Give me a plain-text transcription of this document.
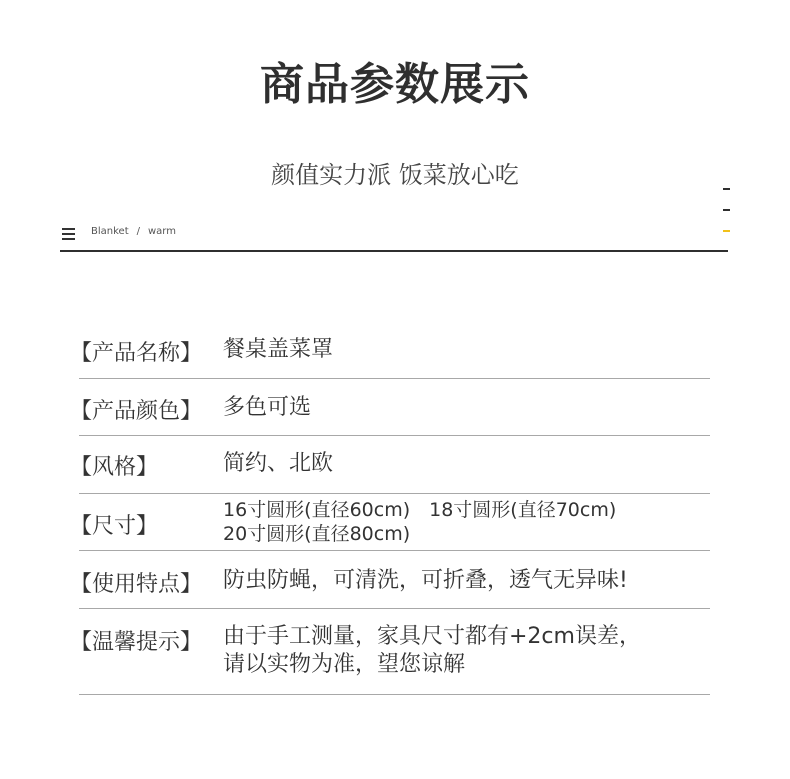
商品参数展示
颜值实力派 饭菜放心吃
Blanket / warm
【产品名称】 餐桌盖菜罩
【产品颜色】 多色可选
【风格】	简约、北欧
【尺寸】
16寸圆形(直径60cm)　18寸圆形(直径70cm)
20寸圆形(直径80cm)
【使用特点】 防虫防蝇，可清洗，可折叠，透气无异味!
【温馨提示】 由于手工测量，家具尺寸都有+2cm误差，
请以实物为准，望您谅解
